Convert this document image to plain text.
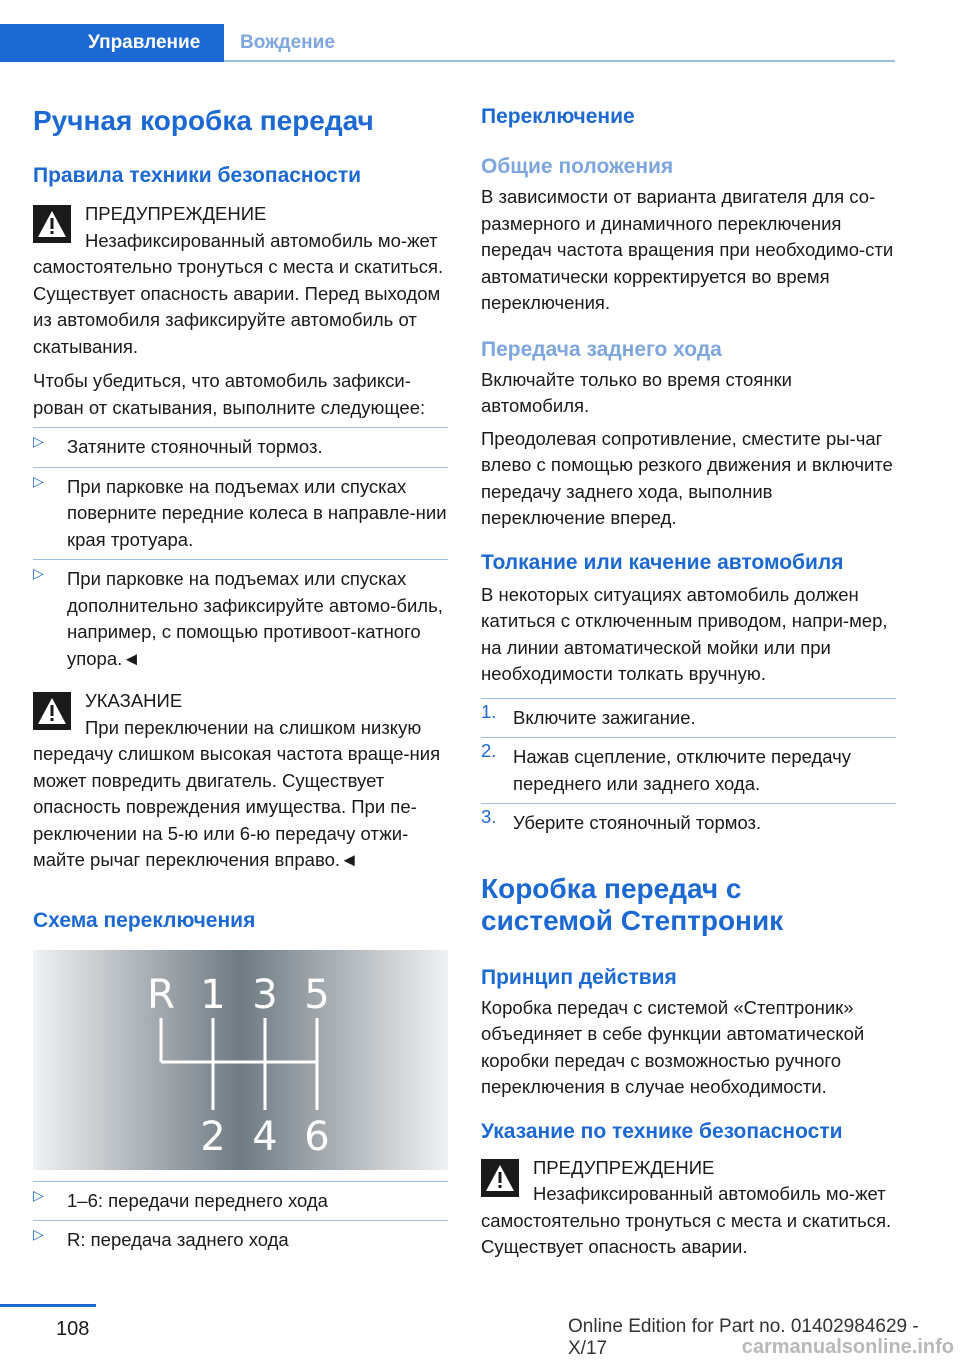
Управление	Вождение
Ручная коробка передач
Правила техники безопасности
ПРЕДУПРЕЖДЕНИЕ

Незафиксированный автомобиль мо-жет самостоятельно тронуться с места и скатиться. Существует опасность аварии. Перед выходом из автомобиля зафиксируйте автомобиль от скатывания.

Чтобы убедиться, что автомобиль зафикси-рован от скатывания, выполните следующее:

▷ Затяните стояночный тормоз.
▷ При парковке на подъемах или спусках поверните передние колеса в направле-нии края тротуара.
▷ При парковке на подъемах или спусках дополнительно зафиксируйте автомо-биль, например, с помощью противоот-катного упора.◄
УКАЗАНИЕ

При переключении на слишком низкую передачу слишком высокая частота враще-ния может повредить двигатель. Существует опасность повреждения имущества. При пе-реключении на 5-ю или 6-ю передачу отжи-майте рычаг переключения вправо.◄

Схема переключения
R 1 3 5
2 4 6
▷ 1–6: передачи переднего хода
▷ R: передача заднего хода
Переключение
Общие положения

В зависимости от варианта двигателя для со-размерного и динамичного переключения передач частота вращения при необходимо-сти автоматически корректируется во время переключения.

Передача заднего хода

Включайте только во время стоянки автомобиля.

Преодолевая сопротивление, сместите ры-чаг влево с помощью резкого движения и включите передачу заднего хода, выполнив переключение вперед.

Толкание или качение автомобиля

В некоторых ситуациях автомобиль должен катиться с отключенным приводом, напри-мер, на линии автоматической мойки или при необходимости толкать вручную.

1. Включите зажигание.
2. Нажав сцепление, отключите передачу переднего или заднего хода.
3. Уберите стояночный тормоз.
Коробка передач с системой Стептроник
Принцип действия

Коробка передач с системой «Стептроник» объединяет в себе функции автоматической коробки передач с возможностью ручного переключения в случае необходимости.

Указание по технике безопасности
ПРЕДУПРЕЖДЕНИЕ

Незафиксированный автомобиль мо-жет самостоятельно тронуться с места и скатиться. Существует опасность аварии.

108	Online Edition for Part no. 01402984629 - X/17	carmanualsonline.info
